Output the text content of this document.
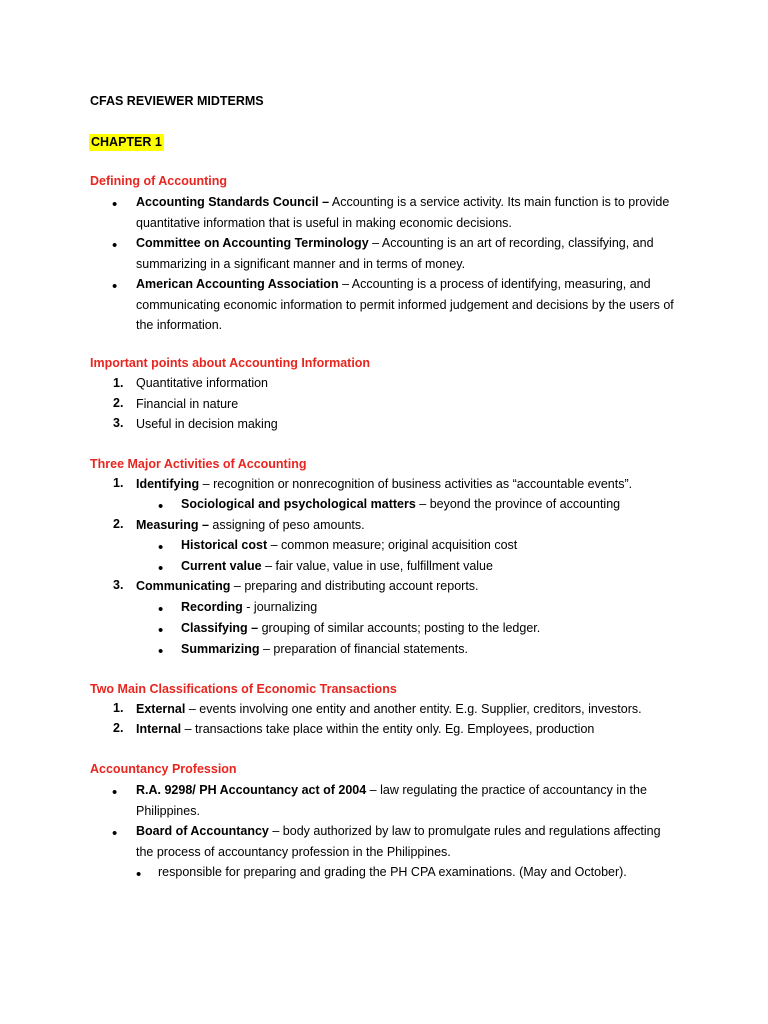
CFAS REVIEWER MIDTERMS
CHAPTER 1
Defining of Accounting
• Accounting Standards Council – Accounting is a service activity. Its main function is to provide quantitative information that is useful in making economic decisions.
• Committee on Accounting Terminology – Accounting is an art of recording, classifying, and summarizing in a significant manner and in terms of money.
• American Accounting Association – Accounting is a process of identifying, measuring, and communicating economic information to permit informed judgement and decisions by the users of the information.
Important points about Accounting Information
1. Quantitative information
2. Financial in nature
3. Useful in decision making
Three Major Activities of Accounting
1. Identifying – recognition or nonrecognition of business activities as “accountable events”.
• Sociological and psychological matters – beyond the province of accounting
2. Measuring – assigning of peso amounts.
• Historical cost – common measure; original acquisition cost
• Current value – fair value, value in use, fulfillment value
3. Communicating – preparing and distributing account reports.
• Recording - journalizing
• Classifying – grouping of similar accounts; posting to the ledger.
• Summarizing – preparation of financial statements.
Two Main Classifications of Economic Transactions
1. External – events involving one entity and another entity. E.g. Supplier, creditors, investors.
2. Internal – transactions take place within the entity only. Eg. Employees, production
Accountancy Profession
• R.A. 9298/ PH Accountancy act of 2004 – law regulating the practice of accountancy in the Philippines.
• Board of Accountancy – body authorized by law to promulgate rules and regulations affecting the process of accountancy profession in the Philippines.
• responsible for preparing and grading the PH CPA examinations. (May and October).
